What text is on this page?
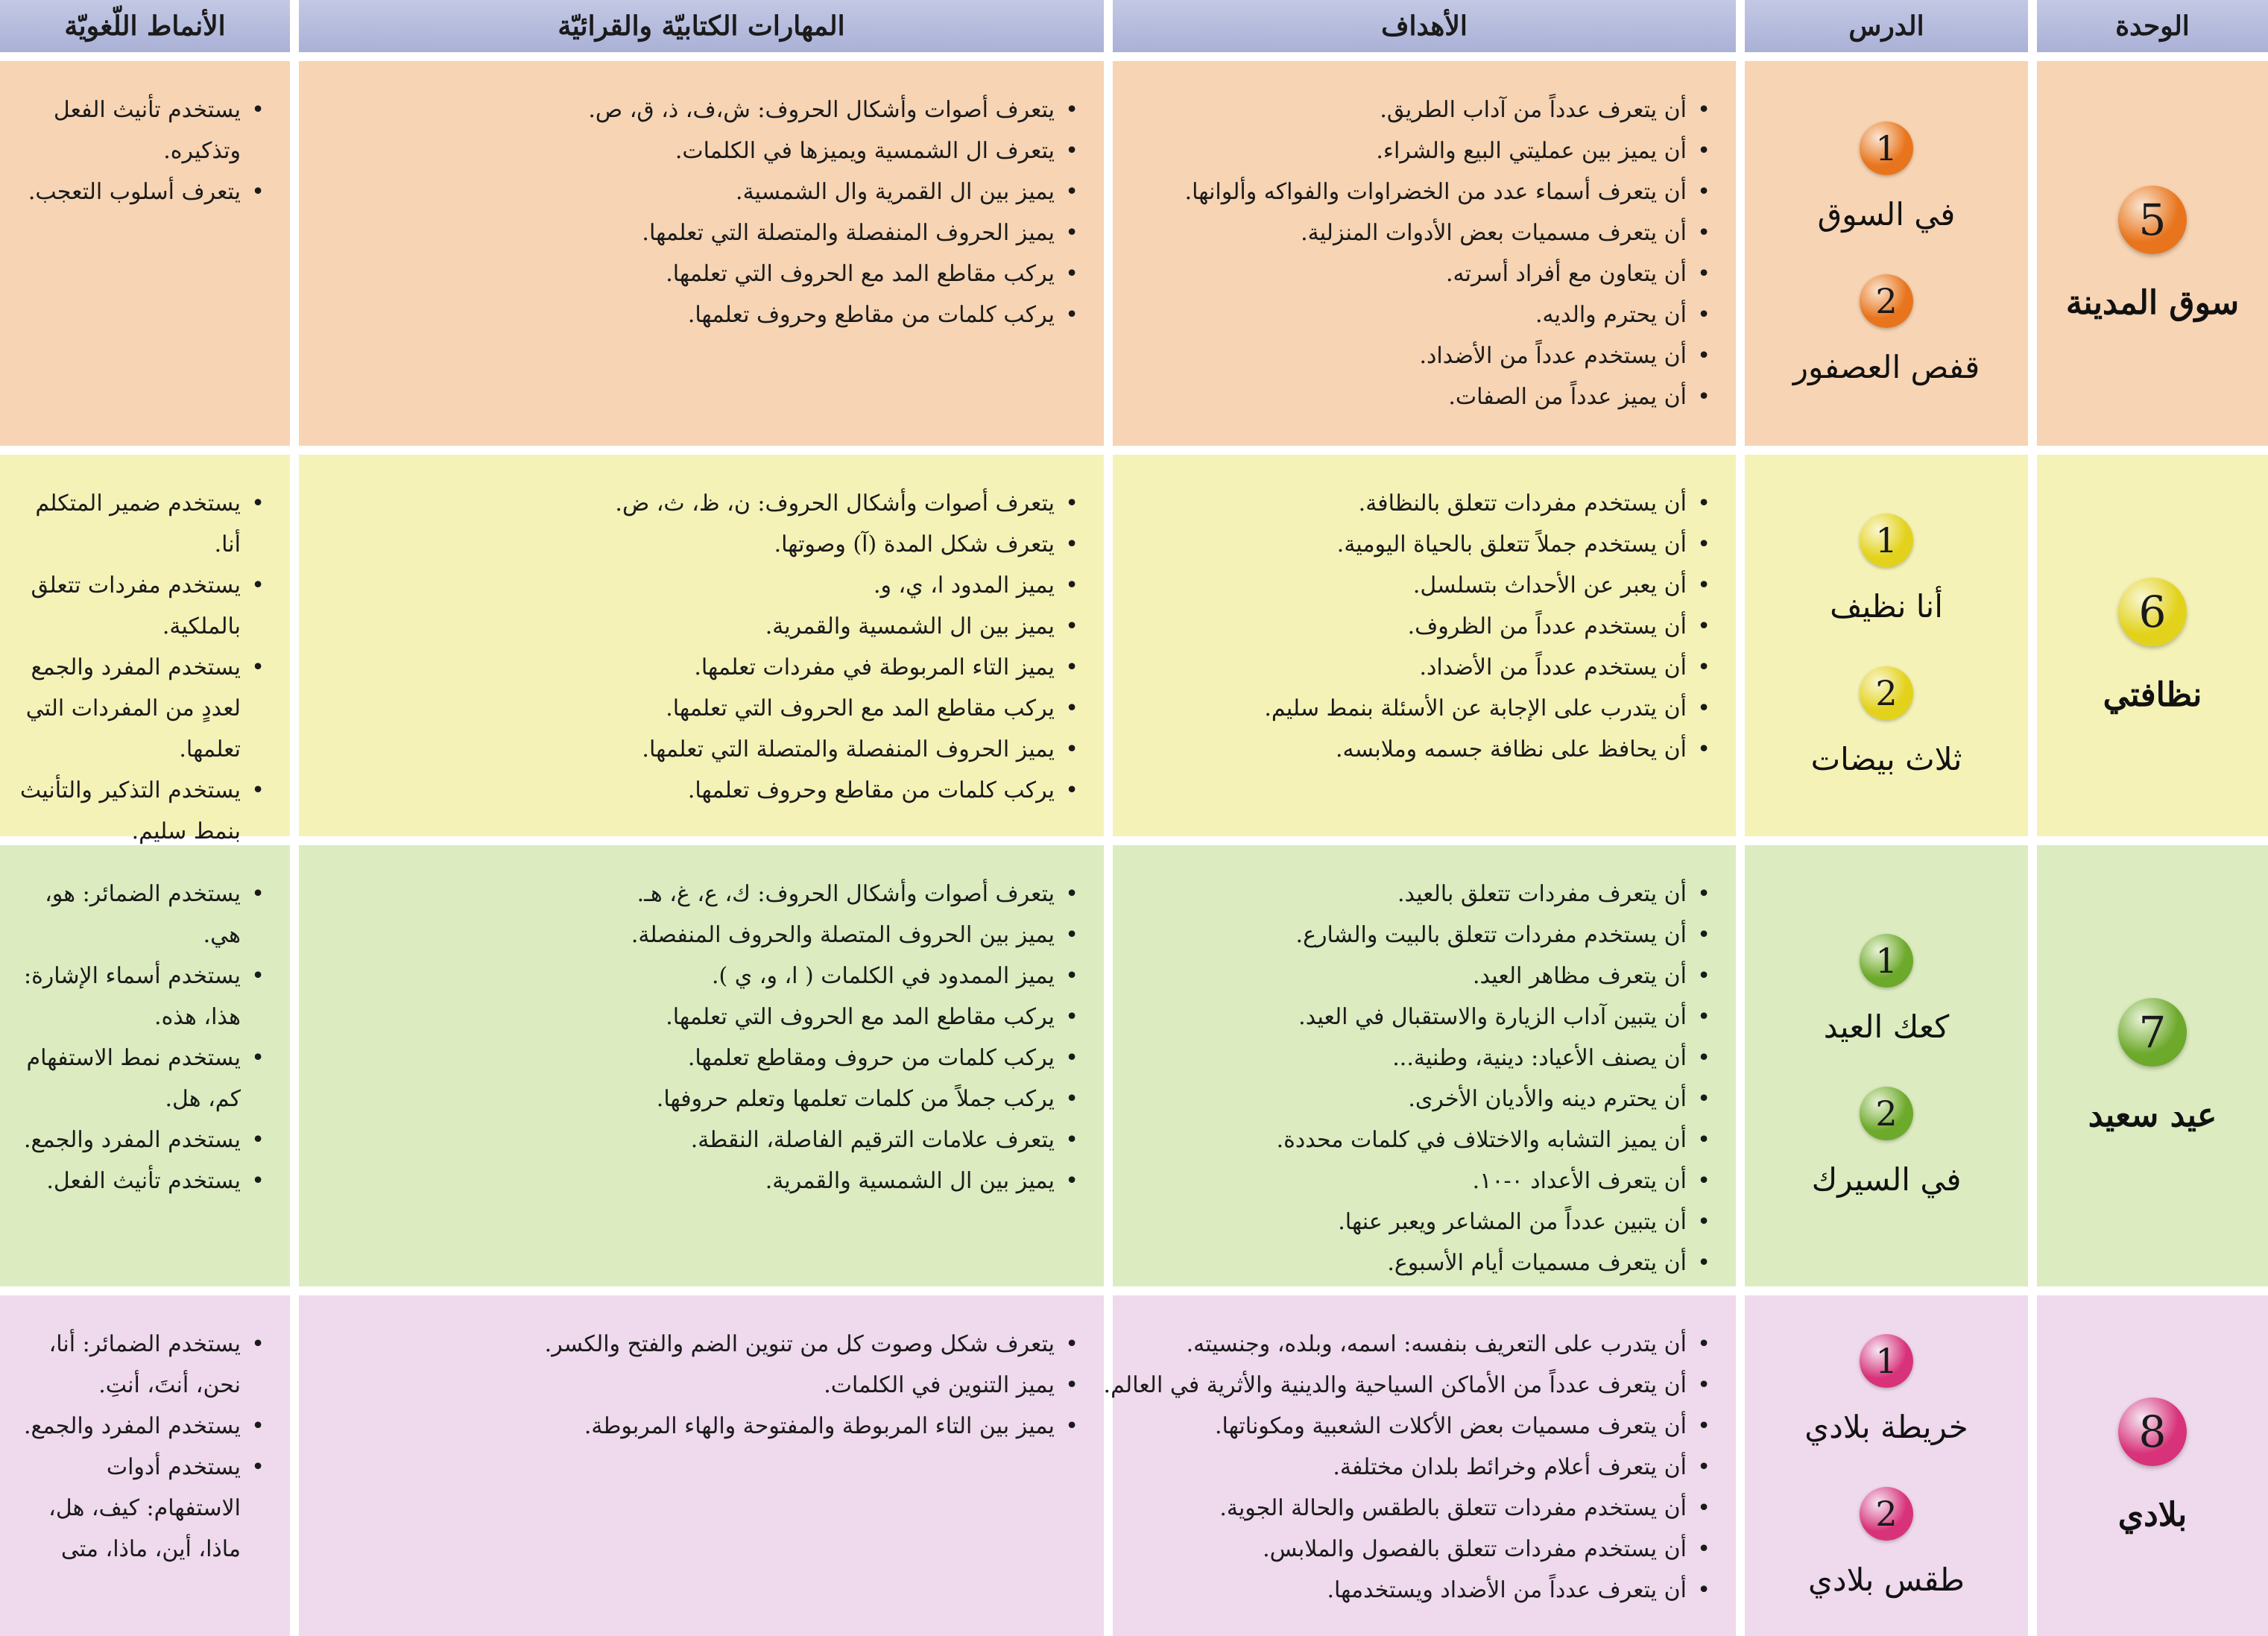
الوحدة
الدرس
الأهداف
المهارات الكتابيّة والقرائيّة
الأنماط اللّغويّة
5
سوق المدينة
1
في السوق
2
قفص العصفور
•
أن يتعرف عدداً من آداب الطريق.
•
أن يميز بين عمليتي البيع والشراء.
•
أن يتعرف أسماء عدد من الخضراوات والفواكه وألوانها.
•
أن يتعرف مسميات بعض الأدوات المنزلية.
•
أن يتعاون مع أفراد أسرته.
•
أن يحترم والديه.
•
أن يستخدم عدداً من الأضداد.
•
أن يميز عدداً من الصفات.
•
يتعرف أصوات وأشكال الحروف: ش،ف، ذ، ق، ص.
•
يتعرف ال الشمسية ويميزها في الكلمات.
•
يميز بين ال القمرية وال الشمسية.
•
يميز الحروف المنفصلة والمتصلة التي تعلمها.
•
يركب مقاطع المد مع الحروف التي تعلمها.
•
يركب كلمات من مقاطع وحروف تعلمها.
•
يستخدم تأنيث الفعل وتذكيره.
•
يتعرف أسلوب التعجب.
6
نظافتي
1
أنا نظيف
2
ثلاث بيضات
•
أن يستخدم مفردات تتعلق بالنظافة.
•
أن يستخدم جملاً تتعلق بالحياة اليومية.
•
أن يعبر عن الأحداث بتسلسل.
•
أن يستخدم عدداً من الظروف.
•
أن يستخدم عدداً من الأضداد.
•
أن يتدرب على الإجابة عن الأسئلة بنمط سليم.
•
أن يحافظ على نظافة جسمه وملابسه.
•
يتعرف أصوات وأشكال الحروف: ن، ظ، ث، ض.
•
يتعرف شكل المدة (آ) وصوتها.
•
يميز المدود ا، ي، و.
•
يميز بين ال الشمسية والقمرية.
•
يميز التاء المربوطة في مفردات تعلمها.
•
يركب مقاطع المد مع الحروف التي تعلمها.
•
يميز الحروف المنفصلة والمتصلة التي تعلمها.
•
يركب كلمات من مقاطع وحروف تعلمها.
•
يستخدم ضمير المتكلم أنا.
•
يستخدم مفردات تتعلق بالملكية.
•
يستخدم المفرد والجمع لعددٍ من المفردات التي تعلمها.
•
يستخدم التذكير والتأنيث بنمط سليم.
7
عيد سعيد
1
كعك العيد
2
في السيرك
•
أن يتعرف مفردات تتعلق بالعيد.
•
أن يستخدم مفردات تتعلق بالبيت والشارع.
•
أن يتعرف مظاهر العيد.
•
أن يتبين آداب الزيارة والاستقبال في العيد.
•
أن يصنف الأعياد: دينية، وطنية...
•
أن يحترم دينه والأديان الأخرى.
•
أن يميز التشابه والاختلاف في كلمات محددة.
•
أن يتعرف الأعداد ٠-١٠.
•
أن يتبين عدداً من المشاعر ويعبر عنها.
•
أن يتعرف مسميات أيام الأسبوع.
•
يتعرف أصوات وأشكال الحروف: ك، ع، غ، هـ.
•
يميز بين الحروف المتصلة والحروف المنفصلة.
•
يميز الممدود في الكلمات ( ا، و، ي ).
•
يركب مقاطع المد مع الحروف التي تعلمها.
•
يركب كلمات من حروف ومقاطع تعلمها.
•
يركب جملاً من كلمات تعلمها وتعلم حروفها.
•
يتعرف علامات الترقيم الفاصلة، النقطة.
•
يميز بين ال الشمسية والقمرية.
•
يستخدم الضمائر: هو، هي.
•
يستخدم أسماء الإشارة: هذا، هذه.
•
يستخدم نمط الاستفهام كم، هل.
•
يستخدم المفرد والجمع.
•
يستخدم تأنيث الفعل.
8
بلادي
1
خريطة بلادي
2
طقس بلادي
•
أن يتدرب على التعريف بنفسه: اسمه، وبلده، وجنسيته.
•
أن يتعرف عدداً من الأماكن السياحية والدينية والأثرية في العالم.
•
أن يتعرف مسميات بعض الأكلات الشعبية ومكوناتها.
•
أن يتعرف أعلام وخرائط بلدان مختلفة.
•
أن يستخدم مفردات تتعلق بالطقس والحالة الجوية.
•
أن يستخدم مفردات تتعلق بالفصول والملابس.
•
أن يتعرف عدداً من الأضداد ويستخدمها.
•
يتعرف شكل وصوت كل من تنوين الضم والفتح والكسر.
•
يميز التنوين في الكلمات.
•
يميز بين التاء المربوطة والمفتوحة والهاء المربوطة.
•
يستخدم الضمائر: أنا، نحن، أنتَ، أنتِ.
•
يستخدم المفرد والجمع.
•
يستخدم أدوات الاستفهام: كيف، هل، ماذا، أين، ماذا، متى
